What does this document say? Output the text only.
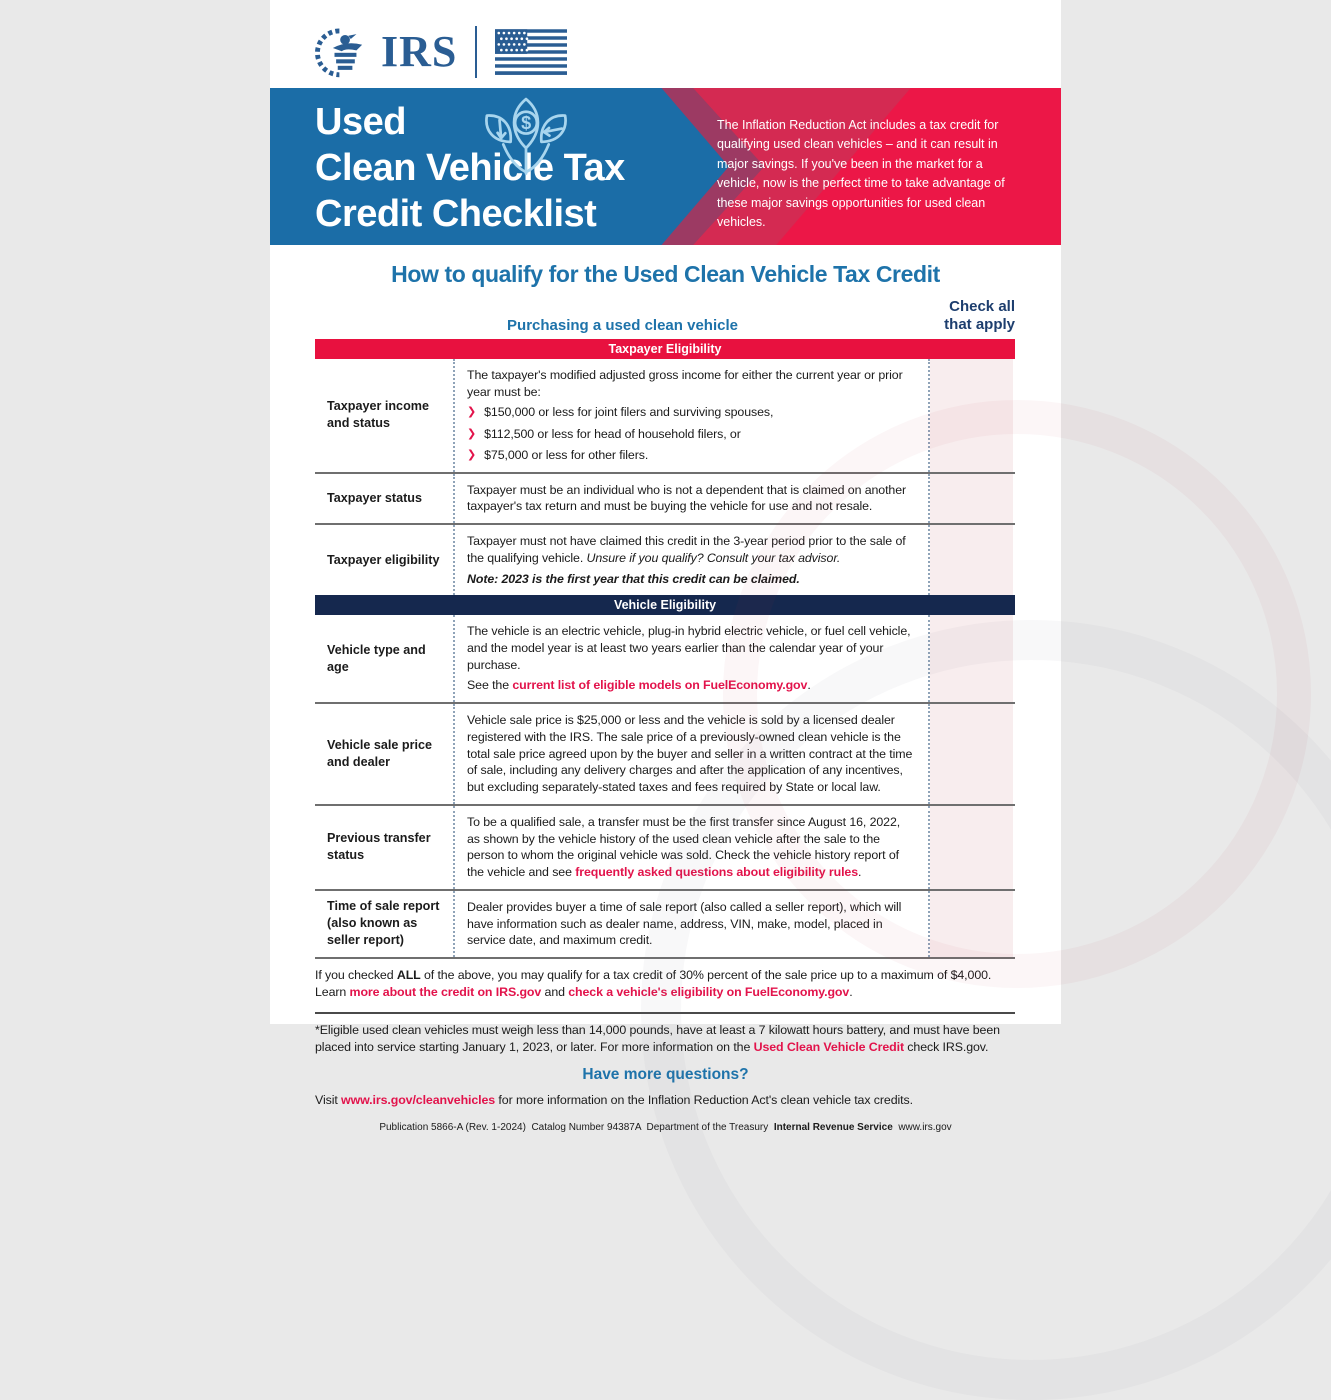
IRS
Used	$
Clean Vehicle Tax
Credit Checklist

The Inflation Reduction Act includes a tax credit for qualifying used clean vehicles – and it can result in major savings. If you've been in the market for a vehicle, now is the perfect time to take advantage of these major savings opportunities for used clean vehicles.

See requirements below*

How to qualify for the Used Clean Vehicle Tax Credit
Purchasing a used clean vehicle
Check all
that apply
Taxpayer Eligibility
Taxpayer income and status

The taxpayer's modified adjusted gross income for either the current year or prior year must be:

❯ $150,000 or less for joint filers and surviving spouses,
❯ $112,500 or less for head of household filers, or
❯ $75,000 or less for other filers.
Taxpayer status

Taxpayer must be an individual who is not a dependent that is claimed on another taxpayer's tax return and must be buying the vehicle for use and not resale.

Taxpayer eligibility

Taxpayer must not have claimed this credit in the 3-year period prior to the sale of the qualifying vehicle. Unsure if you qualify? Consult your tax advisor.

Note: 2023 is the first year that this credit can be claimed.

Vehicle Eligibility
Vehicle type and age

The vehicle is an electric vehicle, plug-in hybrid electric vehicle, or fuel cell vehicle, and the model year is at least two years earlier than the calendar year of your purchase.

See the current list of eligible models on FuelEconomy.gov.

Vehicle sale price and dealer

Vehicle sale price is $25,000 or less and the vehicle is sold by a licensed dealer registered with the IRS. The sale price of a previously-owned clean vehicle is the total sale price agreed upon by the buyer and seller in a written contract at the time of sale, including any delivery charges and after the application of any incentives, but excluding separately-stated taxes and fees required by State or local law.

Previous transfer status

To be a qualified sale, a transfer must be the first transfer since August 16, 2022, as shown by the vehicle history of the used clean vehicle after the sale to the person to whom the original vehicle was sold. Check the vehicle history report of the vehicle and see frequently asked questions about eligibility rules.

Time of sale report (also known as seller report)

Dealer provides buyer a time of sale report (also called a seller report), which will have information such as dealer name, address, VIN, make, model, placed in service date, and maximum credit.

If you checked ALL of the above, you may qualify for a tax credit of 30% percent of the sale price up to a maximum of $4,000. Learn more about the credit on IRS.gov and check a vehicle's eligibility on FuelEconomy.gov.

*Eligible used clean vehicles must weigh less than 14,000 pounds, have at least a 7 kilowatt hours battery, and must have been placed into service starting January 1, 2023, or later. For more information on the Used Clean Vehicle Credit check IRS.gov.

Have more questions?

Visit www.irs.gov/cleanvehicles for more information on the Inflation Reduction Act's clean vehicle tax credits.

Publication 5866-A (Rev. 1-2024)  Catalog Number 94387A  Department of the Treasury  Internal Revenue Service  www.irs.gov
